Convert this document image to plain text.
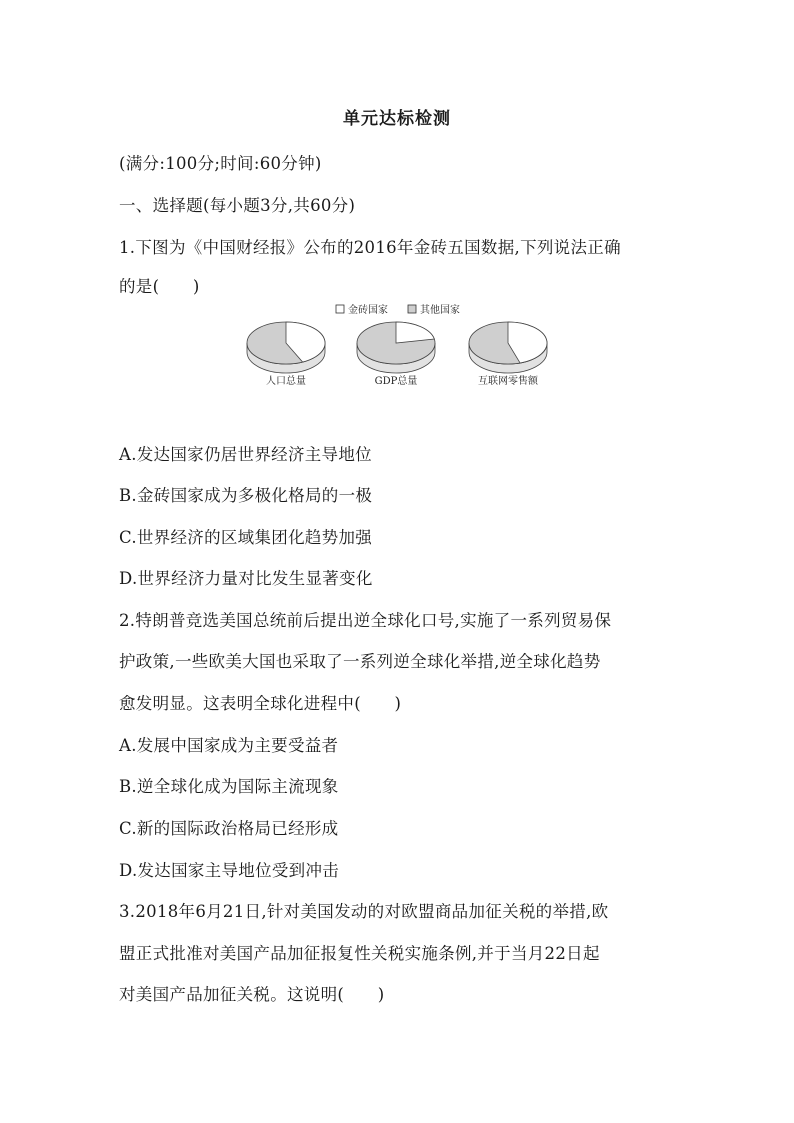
单元达标检测
(满分:100分;时间:60分钟)
一、选择题(每小题3分,共60分)
1.下图为《中国财经报》公布的2016年金砖五国数据,下列说法正确
的是(　　)
金砖国家	其他国家
人口总量	GDP总量	互联网零售额
A.发达国家仍居世界经济主导地位
B.金砖国家成为多极化格局的一极
C.世界经济的区域集团化趋势加强
D.世界经济力量对比发生显著变化
2.特朗普竞选美国总统前后提出逆全球化口号,实施了一系列贸易保
护政策,一些欧美大国也采取了一系列逆全球化举措,逆全球化趋势
愈发明显。这表明全球化进程中(　　)
A.发展中国家成为主要受益者
B.逆全球化成为国际主流现象
C.新的国际政治格局已经形成
D.发达国家主导地位受到冲击
3.2018年6月21日,针对美国发动的对欧盟商品加征关税的举措,欧
盟正式批准对美国产品加征报复性关税实施条例,并于当月22日起
对美国产品加征关税。这说明(　　)
